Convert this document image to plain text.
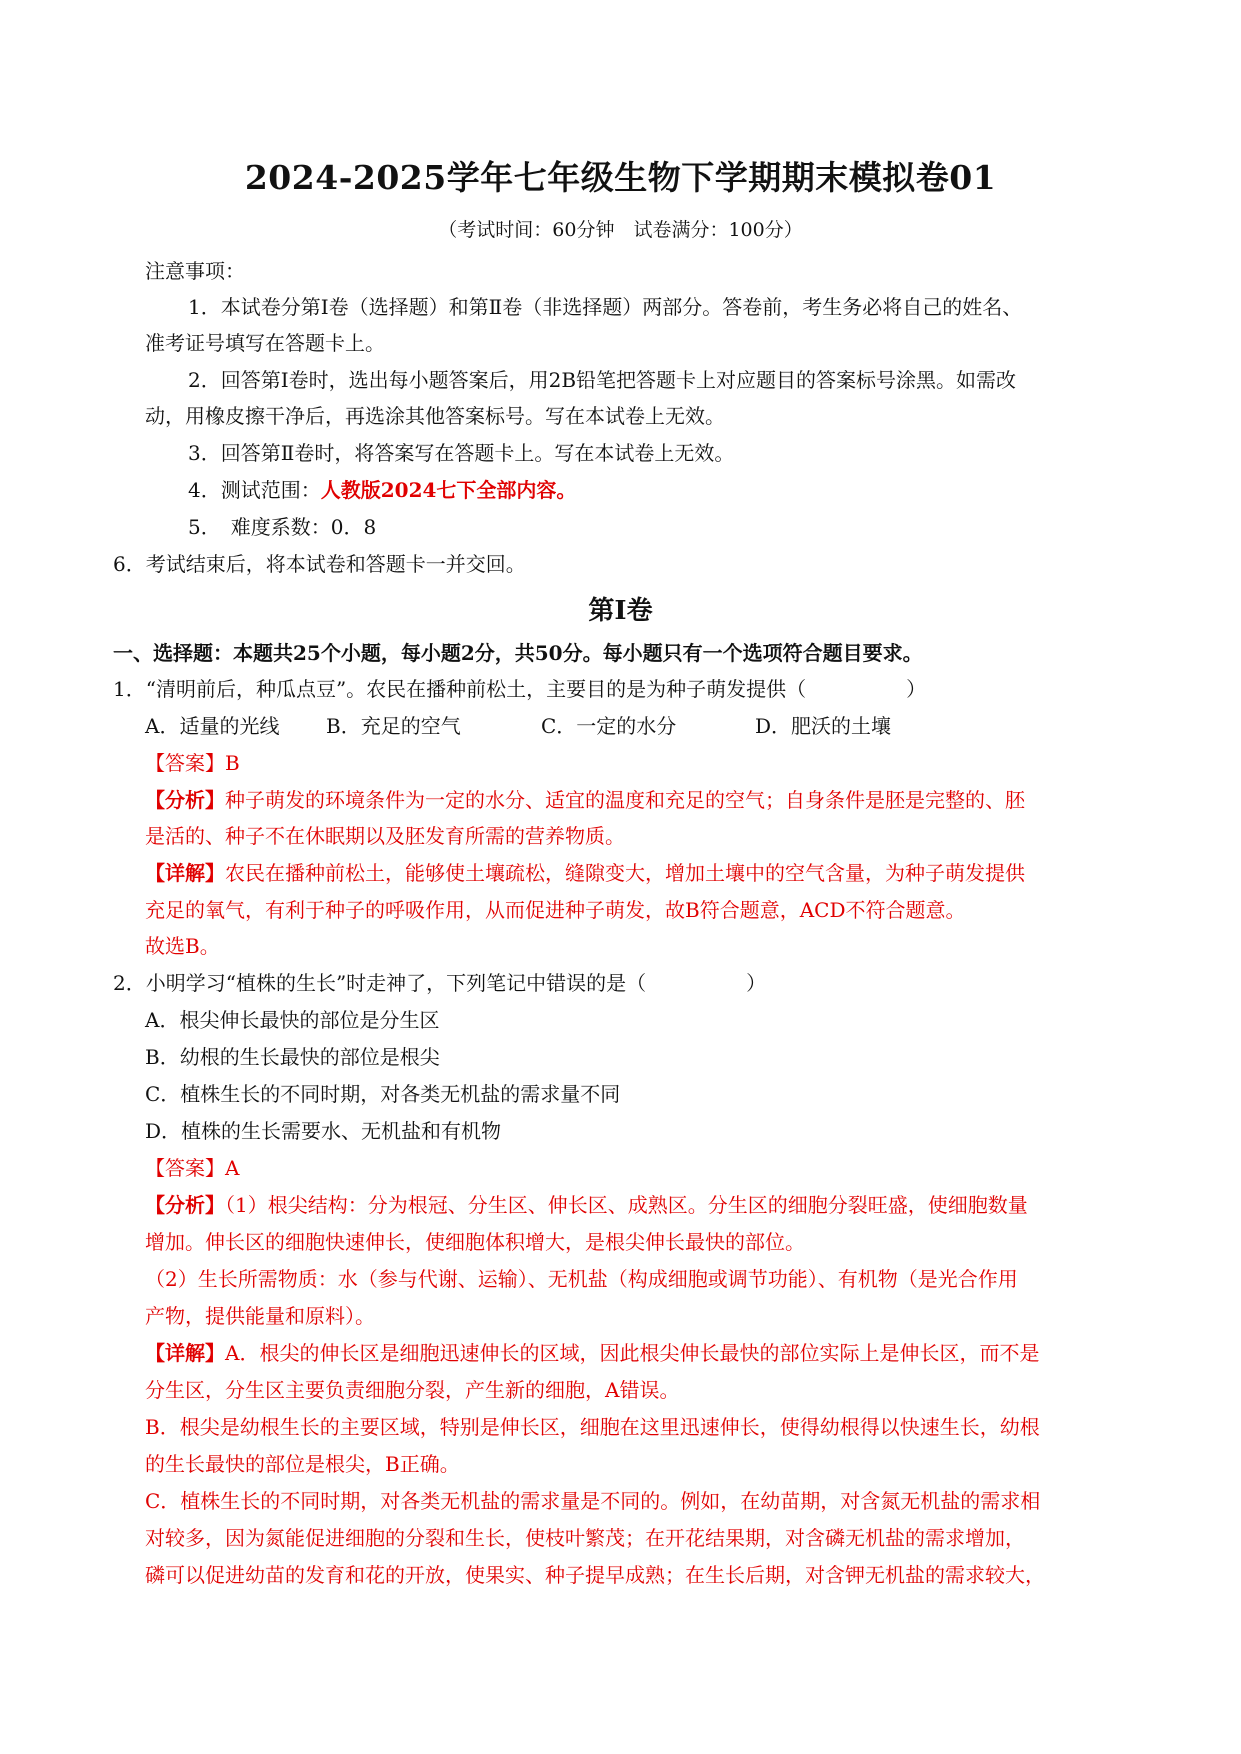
2024-2025学年七年级生物下学期期末模拟卷01
（考试时间：60分钟　试卷满分：100分）
注意事项：
1．本试卷分第Ⅰ卷（选择题）和第Ⅱ卷（非选择题）两部分。答卷前，考生务必将自己的姓名、
准考证号填写在答题卡上。
2．回答第Ⅰ卷时，选出每小题答案后，用2B铅笔把答题卡上对应题目的答案标号涂黑。如需改
动，用橡皮擦干净后，再选涂其他答案标号。写在本试卷上无效。
3．回答第Ⅱ卷时，将答案写在答题卡上。写在本试卷上无效。
4．测试范围：人教版2024七下全部内容。
5．　难度系数：0．8
6．考试结束后，将本试卷和答题卡一并交回。
第Ⅰ卷
一、选择题：本题共25个小题，每小题2分，共50分。每小题只有一个选项符合题目要求。
1．“清明前后，种瓜点豆”。农民在播种前松土，主要目的是为种子萌发提供（　　　　　）
A．适量的光线 B．充足的空气	C．一定的水分	D．肥沃的土壤
【答案】B
【分析】种子萌发的环境条件为一定的水分、适宜的温度和充足的空气；自身条件是胚是完整的、胚
是活的、种子不在休眠期以及胚发育所需的营养物质。
【详解】农民在播种前松土，能够使土壤疏松，缝隙变大，增加土壤中的空气含量，为种子萌发提供
充足的氧气，有利于种子的呼吸作用，从而促进种子萌发，故B符合题意，ACD不符合题意。
故选B。
2．小明学习“植株的生长”时走神了，下列笔记中错误的是（　　　　　）
A．根尖伸长最快的部位是分生区
B．幼根的生长最快的部位是根尖
C．植株生长的不同时期，对各类无机盐的需求量不同
D．植株的生长需要水、无机盐和有机物
【答案】A
【分析】（1）根尖结构：分为根冠、分生区、伸长区、成熟区。分生区的细胞分裂旺盛，使细胞数量
增加。伸长区的细胞快速伸长，使细胞体积增大，是根尖伸长最快的部位。
（2）生长所需物质：水（参与代谢、运输）、无机盐（构成细胞或调节功能）、有机物（是光合作用
产物，提供能量和原料）。
【详解】A．根尖的伸长区是细胞迅速伸长的区域，因此根尖伸长最快的部位实际上是伸长区，而不是
分生区，分生区主要负责细胞分裂，产生新的细胞，A错误。
B．根尖是幼根生长的主要区域，特别是伸长区，细胞在这里迅速伸长，使得幼根得以快速生长，幼根
的生长最快的部位是根尖，B正确。
C．植株生长的不同时期，对各类无机盐的需求量是不同的。例如，在幼苗期，对含氮无机盐的需求相
对较多，因为氮能促进细胞的分裂和生长，使枝叶繁茂；在开花结果期，对含磷无机盐的需求增加，
磷可以促进幼苗的发育和花的开放，使果实、种子提早成熟；在生长后期，对含钾无机盐的需求较大，
